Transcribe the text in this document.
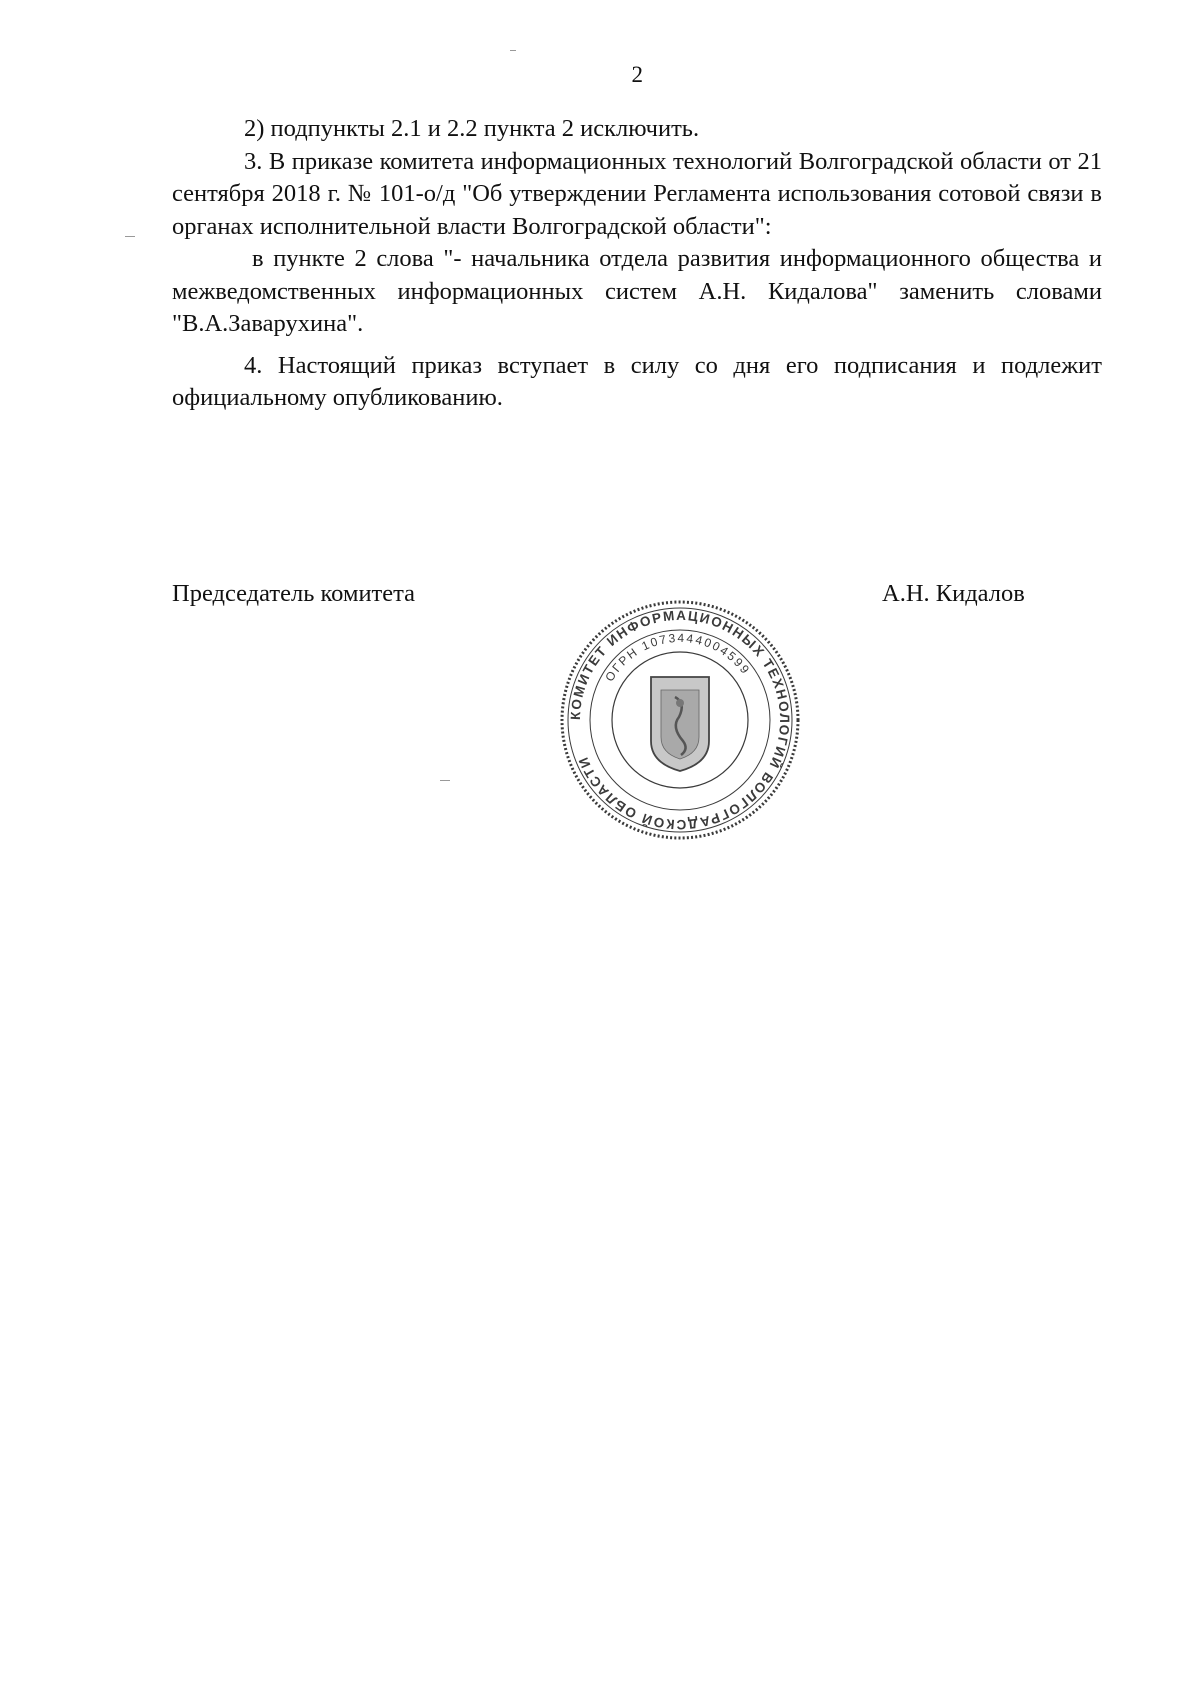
2

2) подпункты 2.1 и 2.2 пункта 2 исключить.

3. В приказе комитета информационных технологий Волгоградской области от 21 сентября 2018 г. № 101-о/д "Об утверждении Регламента использования сотовой связи в органах исполнительной власти Волгоградской области":

в пункте 2 слова "- начальника отдела развития информационного общества и межведомственных информационных систем А.Н. Кидалова" заменить словами "В.А.Заварухина".

4. Настоящий приказ вступает в силу со дня его подписания и подлежит официальному опубликованию.

Председатель комитета	А.Н. Кидалов
КОМИТЕТ ИНФОРМАЦИОННЫХ ТЕХНОЛОГИЙ ВОЛГОГРАДСКОЙ ОБЛАСТИ
ОГРН 1073444004599
